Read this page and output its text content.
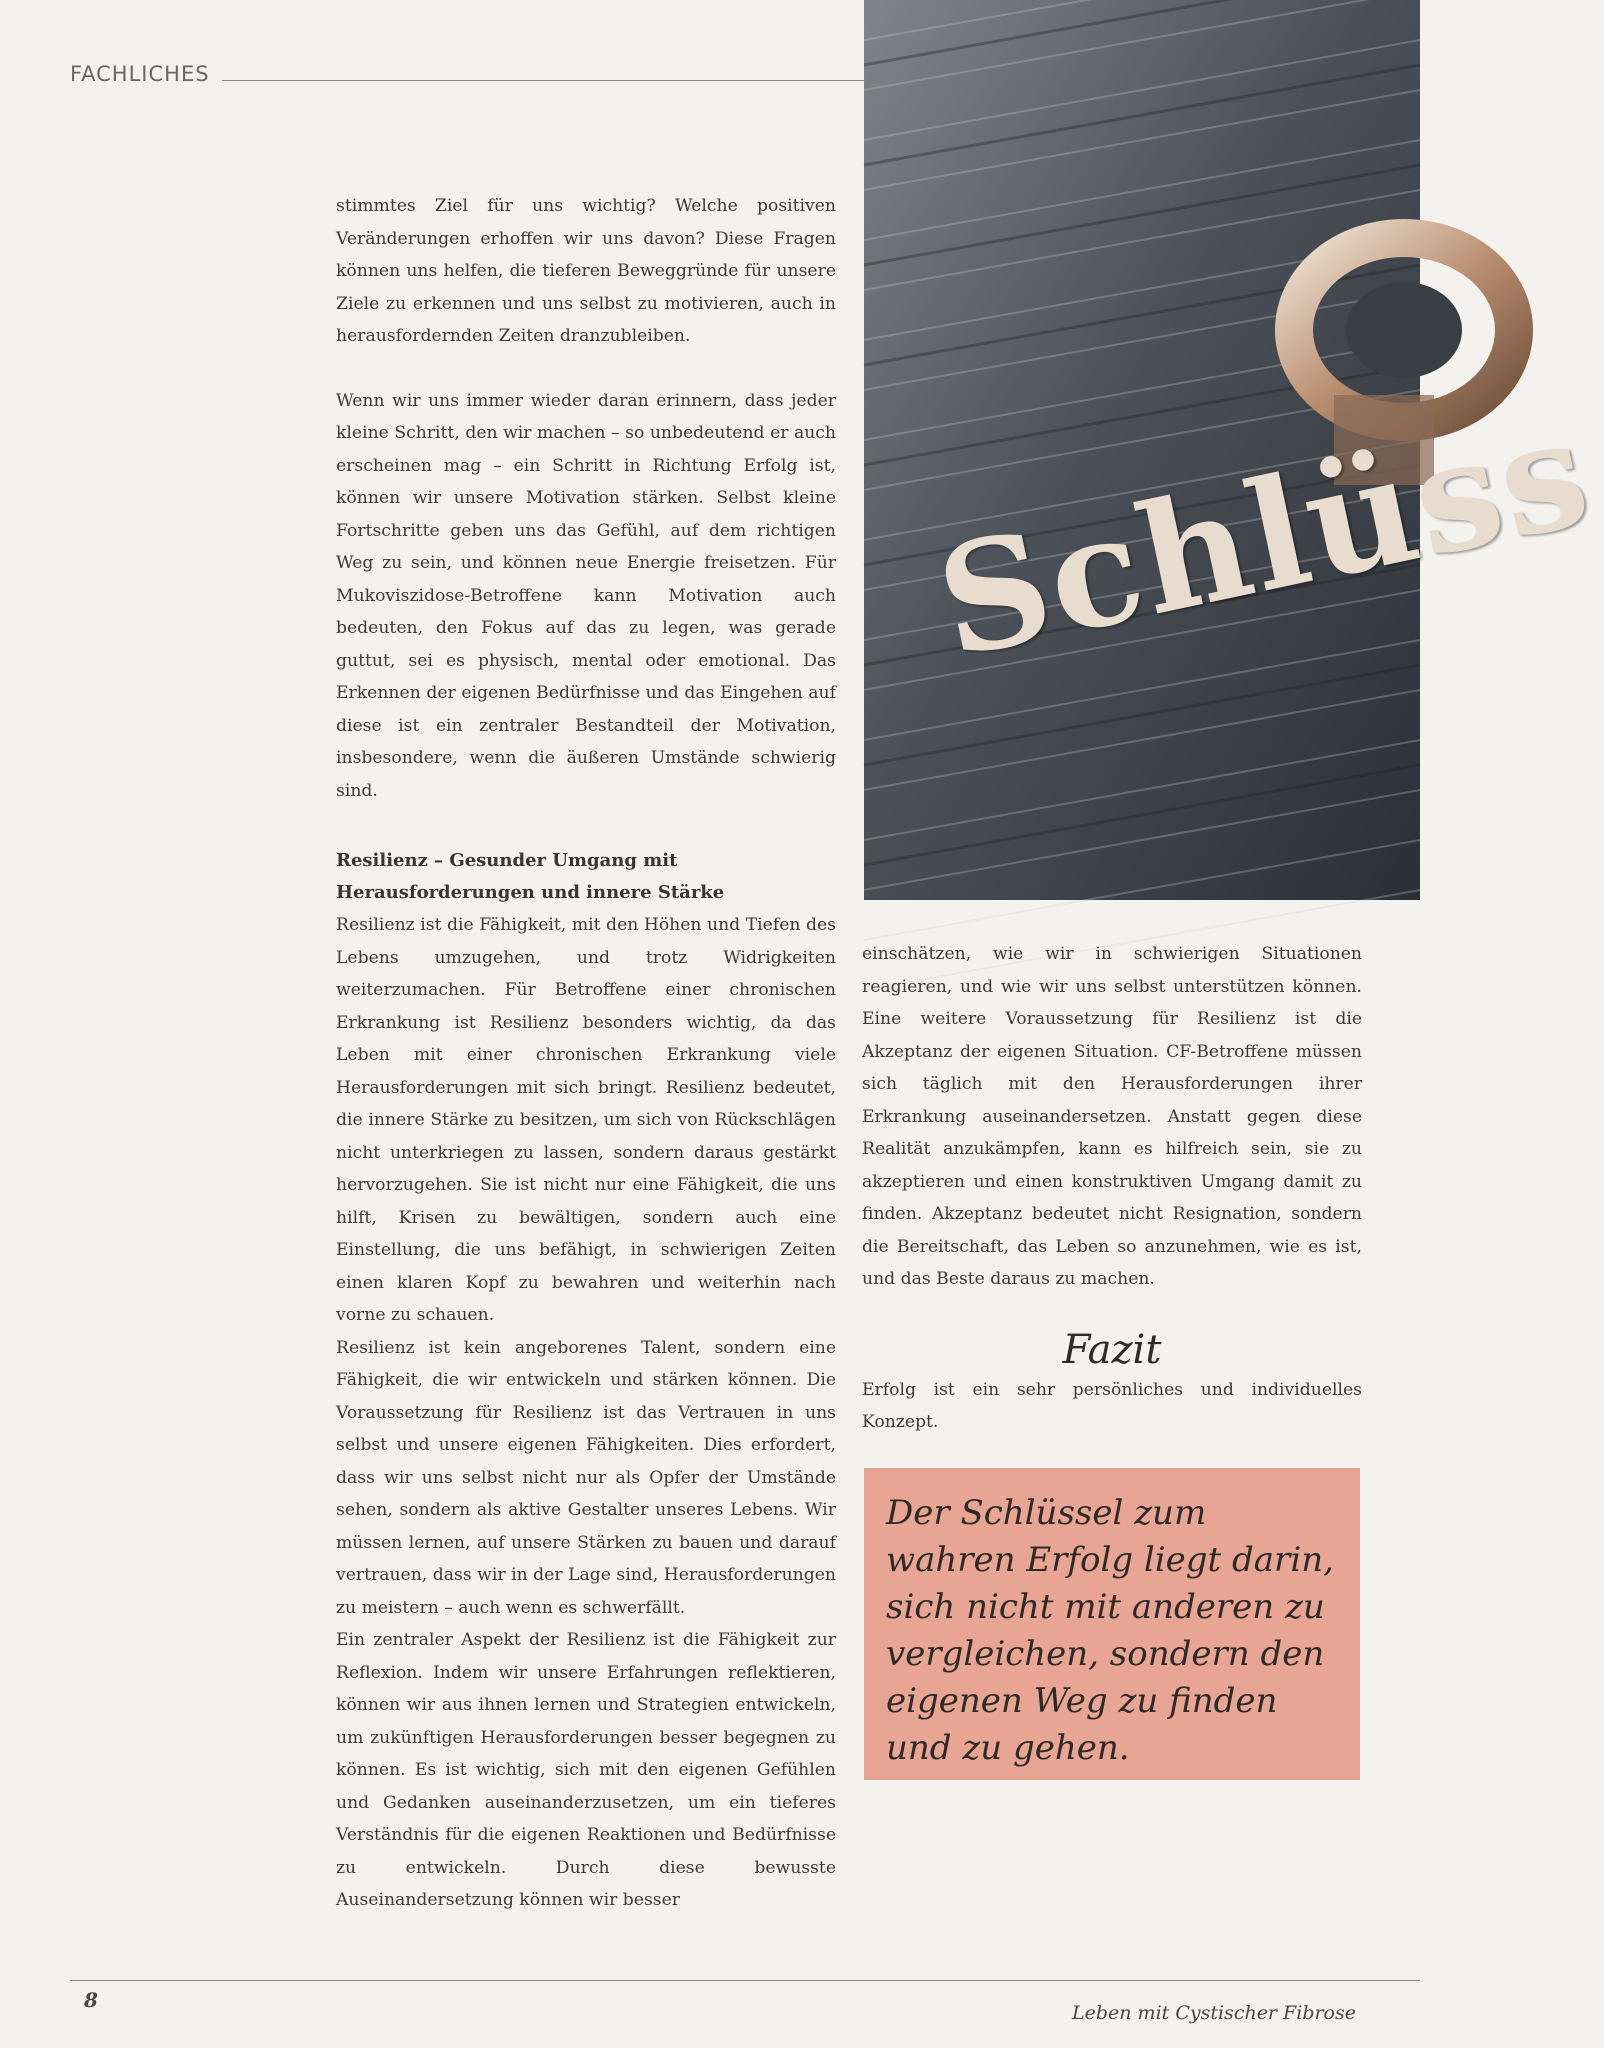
FACHLICHES
Schlüss

stimmtes Ziel für uns wichtig? Welche positiven Veränderungen erhoffen wir uns davon? Diese Fragen können uns helfen, die tieferen Beweggründe für unsere Ziele zu erkennen und uns selbst zu motivieren, auch in herausfordernden Zeiten dranzubleiben.

Wenn wir uns immer wieder daran erinnern, dass jeder kleine Schritt, den wir machen – so unbedeutend er auch erscheinen mag – ein Schritt in Richtung Erfolg ist, können wir unsere Motivation stärken. Selbst kleine Fortschritte geben uns das Gefühl, auf dem richtigen Weg zu sein, und können neue Energie freisetzen. Für Mukoviszidose-Betroffene kann Motivation auch bedeuten, den Fokus auf das zu legen, was gerade guttut, sei es physisch, mental oder emotional. Das Erkennen der eigenen Bedürfnisse und das Eingehen auf diese ist ein zentraler Bestandteil der Motivation, insbesondere, wenn die äußeren Umstände schwierig sind.

Resilienz – Gesunder Umgang mit Herausforderungen und innere Stärke

Resilienz ist die Fähigkeit, mit den Höhen und Tiefen des Lebens umzugehen, und trotz Widrigkeiten weiterzumachen. Für Betroffene einer chronischen Erkrankung ist Resilienz besonders wichtig, da das Leben mit einer chronischen Erkrankung viele Herausforderungen mit sich bringt. Resilienz bedeutet, die innere Stärke zu besitzen, um sich von Rückschlägen nicht unterkriegen zu lassen, sondern daraus gestärkt hervorzugehen. Sie ist nicht nur eine Fähigkeit, die uns hilft, Krisen zu bewältigen, sondern auch eine Einstellung, die uns befähigt, in schwierigen Zeiten einen klaren Kopf zu bewahren und weiterhin nach vorne zu schauen.

Resilienz ist kein angeborenes Talent, sondern eine Fähigkeit, die wir entwickeln und stärken können. Die Voraussetzung für Resilienz ist das Vertrauen in uns selbst und unsere eigenen Fähigkeiten. Dies erfordert, dass wir uns selbst nicht nur als Opfer der Umstände sehen, sondern als aktive Gestalter unseres Lebens. Wir müssen lernen, auf unsere Stärken zu bauen und darauf vertrauen, dass wir in der Lage sind, Herausforderungen zu meistern – auch wenn es schwerfällt.

Ein zentraler Aspekt der Resilienz ist die Fähigkeit zur Reflexion. Indem wir unsere Erfahrungen reflektieren, können wir aus ihnen lernen und Strategien entwickeln, um zukünftigen Herausforderungen besser begegnen zu können. Es ist wichtig, sich mit den eigenen Gefühlen und Gedanken auseinanderzusetzen, um ein tieferes Verständnis für die eigenen Reaktionen und Bedürfnisse zu entwickeln. Durch diese bewusste Auseinandersetzung können wir besser

einschätzen, wie wir in schwierigen Situationen reagieren, und wie wir uns selbst unterstützen können. Eine weitere Voraussetzung für Resilienz ist die Akzeptanz der eigenen Situation. CF-Betroffene müssen sich täglich mit den Herausforderungen ihrer Erkrankung auseinandersetzen. Anstatt gegen diese Realität anzukämpfen, kann es hilfreich sein, sie zu akzeptieren und einen konstruktiven Umgang damit zu finden. Akzeptanz bedeutet nicht Resignation, sondern die Bereitschaft, das Leben so anzunehmen, wie es ist, und das Beste daraus zu machen.

Fazit

Erfolg ist ein sehr persönliches und individuelles Konzept.

Der Schlüssel zum wahren Erfolg liegt darin, sich nicht mit anderen zu vergleichen, sondern den eigenen Weg zu finden und zu gehen.

8
Leben mit Cystischer Fibrose
